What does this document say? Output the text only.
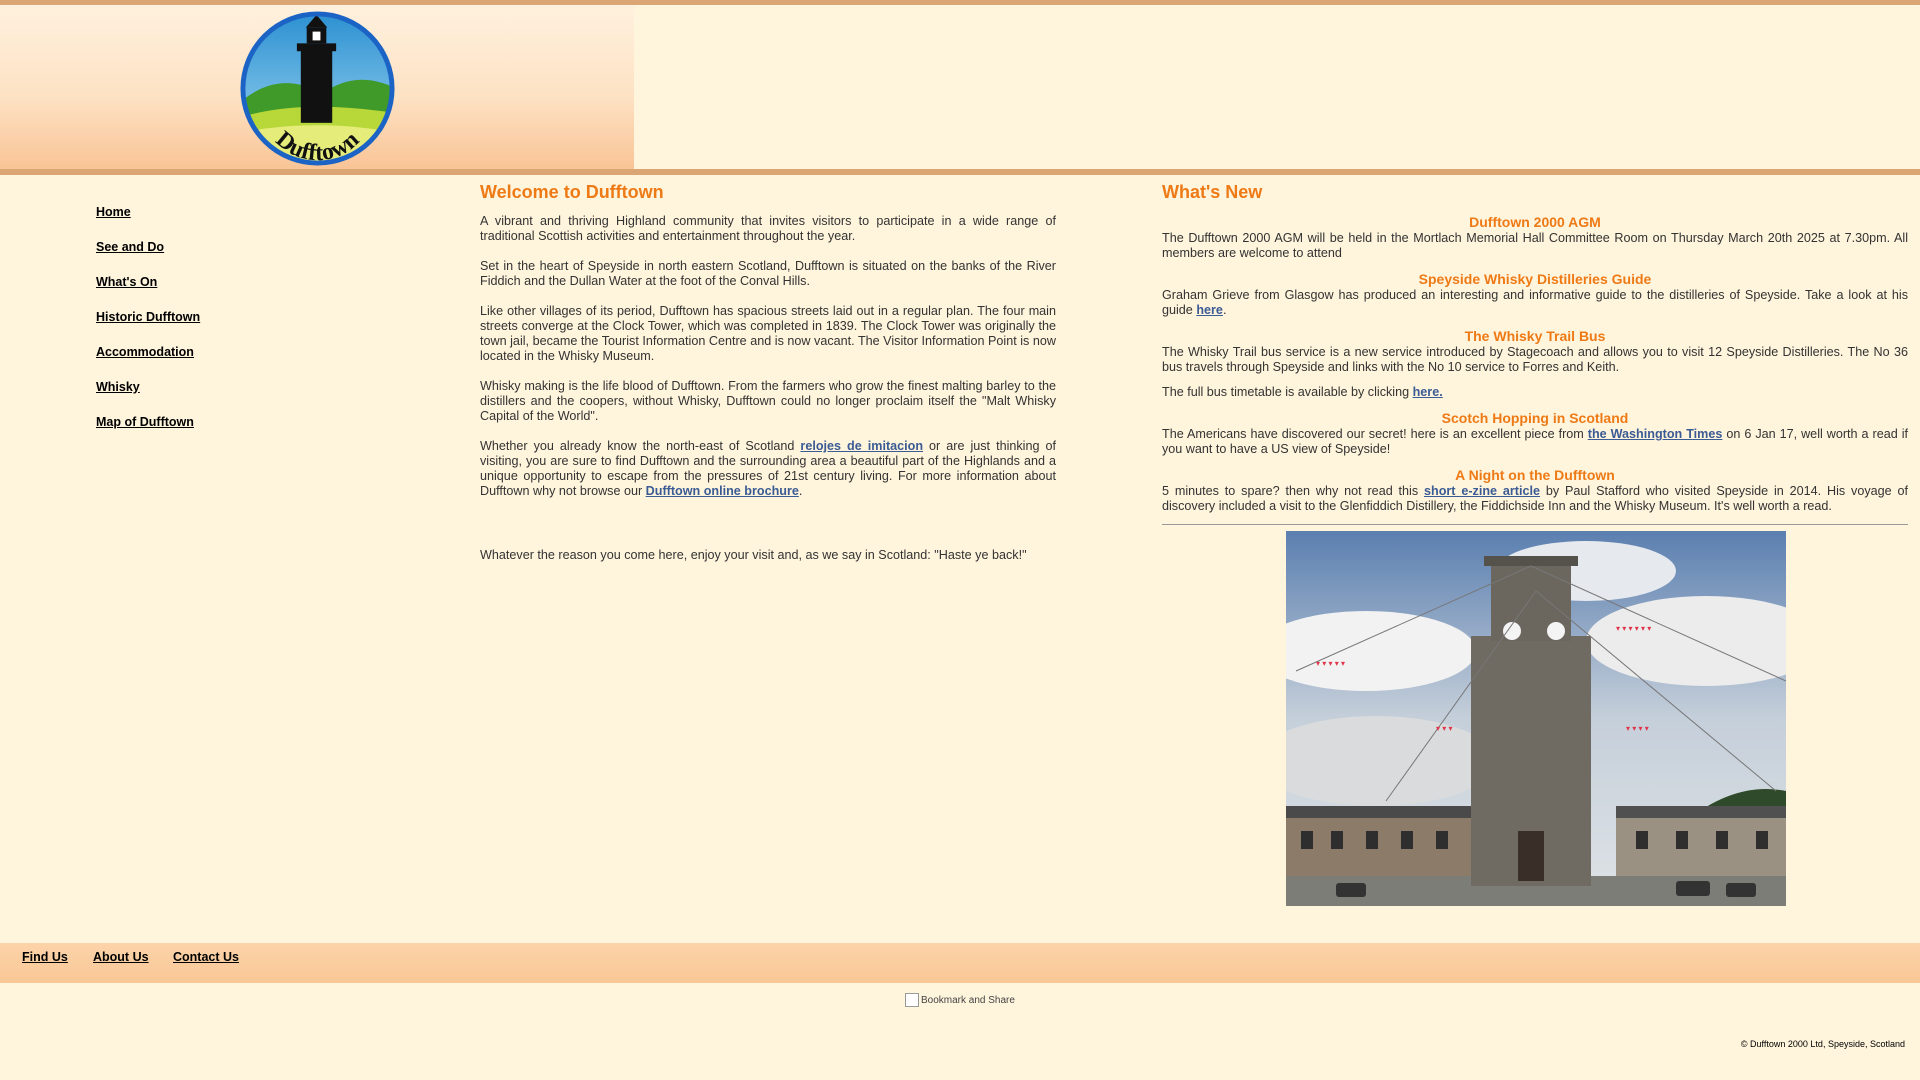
Dufftown
Home
See and Do
What's On
Historic Dufftown
Accommodation
Whisky
Map of Dufftown
Welcome to Dufftown

A vibrant and thriving Highland community that invites visitors to participate in a wide range of traditional Scottish activities and entertainment throughout the year.

Set in the heart of Speyside in north eastern Scotland, Dufftown is situated on the banks of the River Fiddich and the Dullan Water at the foot of the Conval Hills.

Like other villages of its period, Dufftown has spacious streets laid out in a regular plan. The four main streets converge at the Clock Tower, which was completed in 1839. The Clock Tower was originally the town jail, became the Tourist Information Centre and is now vacant. The Visitor Information Point is now located in the Whisky Museum.

Whisky making is the life blood of Dufftown. From the farmers who grow the finest malting barley to the distillers and the coopers, without Whisky, Dufftown could no longer proclaim itself the "Malt Whisky Capital of the World".

Whether you already know the north-east of Scotland relojes de imitacion or are just thinking of visiting, you are sure to find Dufftown and the surrounding area a beautiful part of the Highlands and a unique opportunity to escape from the pressures of 21st century living. For more information about Dufftown why not browse our Dufftown online brochure.

Whatever the reason you come here, enjoy your visit and, as we say in Scotland: "Haste ye back!"

What's New
Dufftown 2000 AGM

The Dufftown 2000 AGM will be held in the Mortlach Memorial Hall Committee Room on Thursday March 20th 2025 at 7.30pm. All members are welcome to attend

Speyside Whisky Distilleries Guide

Graham Grieve from Glasgow has produced an interesting and informative guide to the distilleries of Speyside. Take a look at his guide here.

The Whisky Trail Bus

The Whisky Trail bus service is a new service introduced by Stagecoach and allows you to visit 12 Speyside Distilleries. The No 36 bus travels through Speyside and links with the No 10 service to Forres and Keith.

The full bus timetable is available by clicking here.

Scotch Hopping in Scotland

The Americans have discovered our secret! here is an excellent piece from the Washington Times on 6 Jan 17, well worth a read if you want to have a US view of Speyside!

A Night on the Dufftown

5 minutes to spare? then why not read this short e-zine article by Paul Stafford who visited Speyside in 2014. His voyage of discovery included a visit to the Glenfiddich Distillery, the Fiddichside Inn and the Whisky Museum. It's well worth a read.

▾ ▾ ▾ ▾ ▾
▾ ▾ ▾ ▾ ▾ ▾
▾ ▾ ▾	▾ ▾ ▾ ▾
Find Us About Us Contact Us
Bookmark and Share
© Dufftown 2000 Ltd, Speyside, Scotland
